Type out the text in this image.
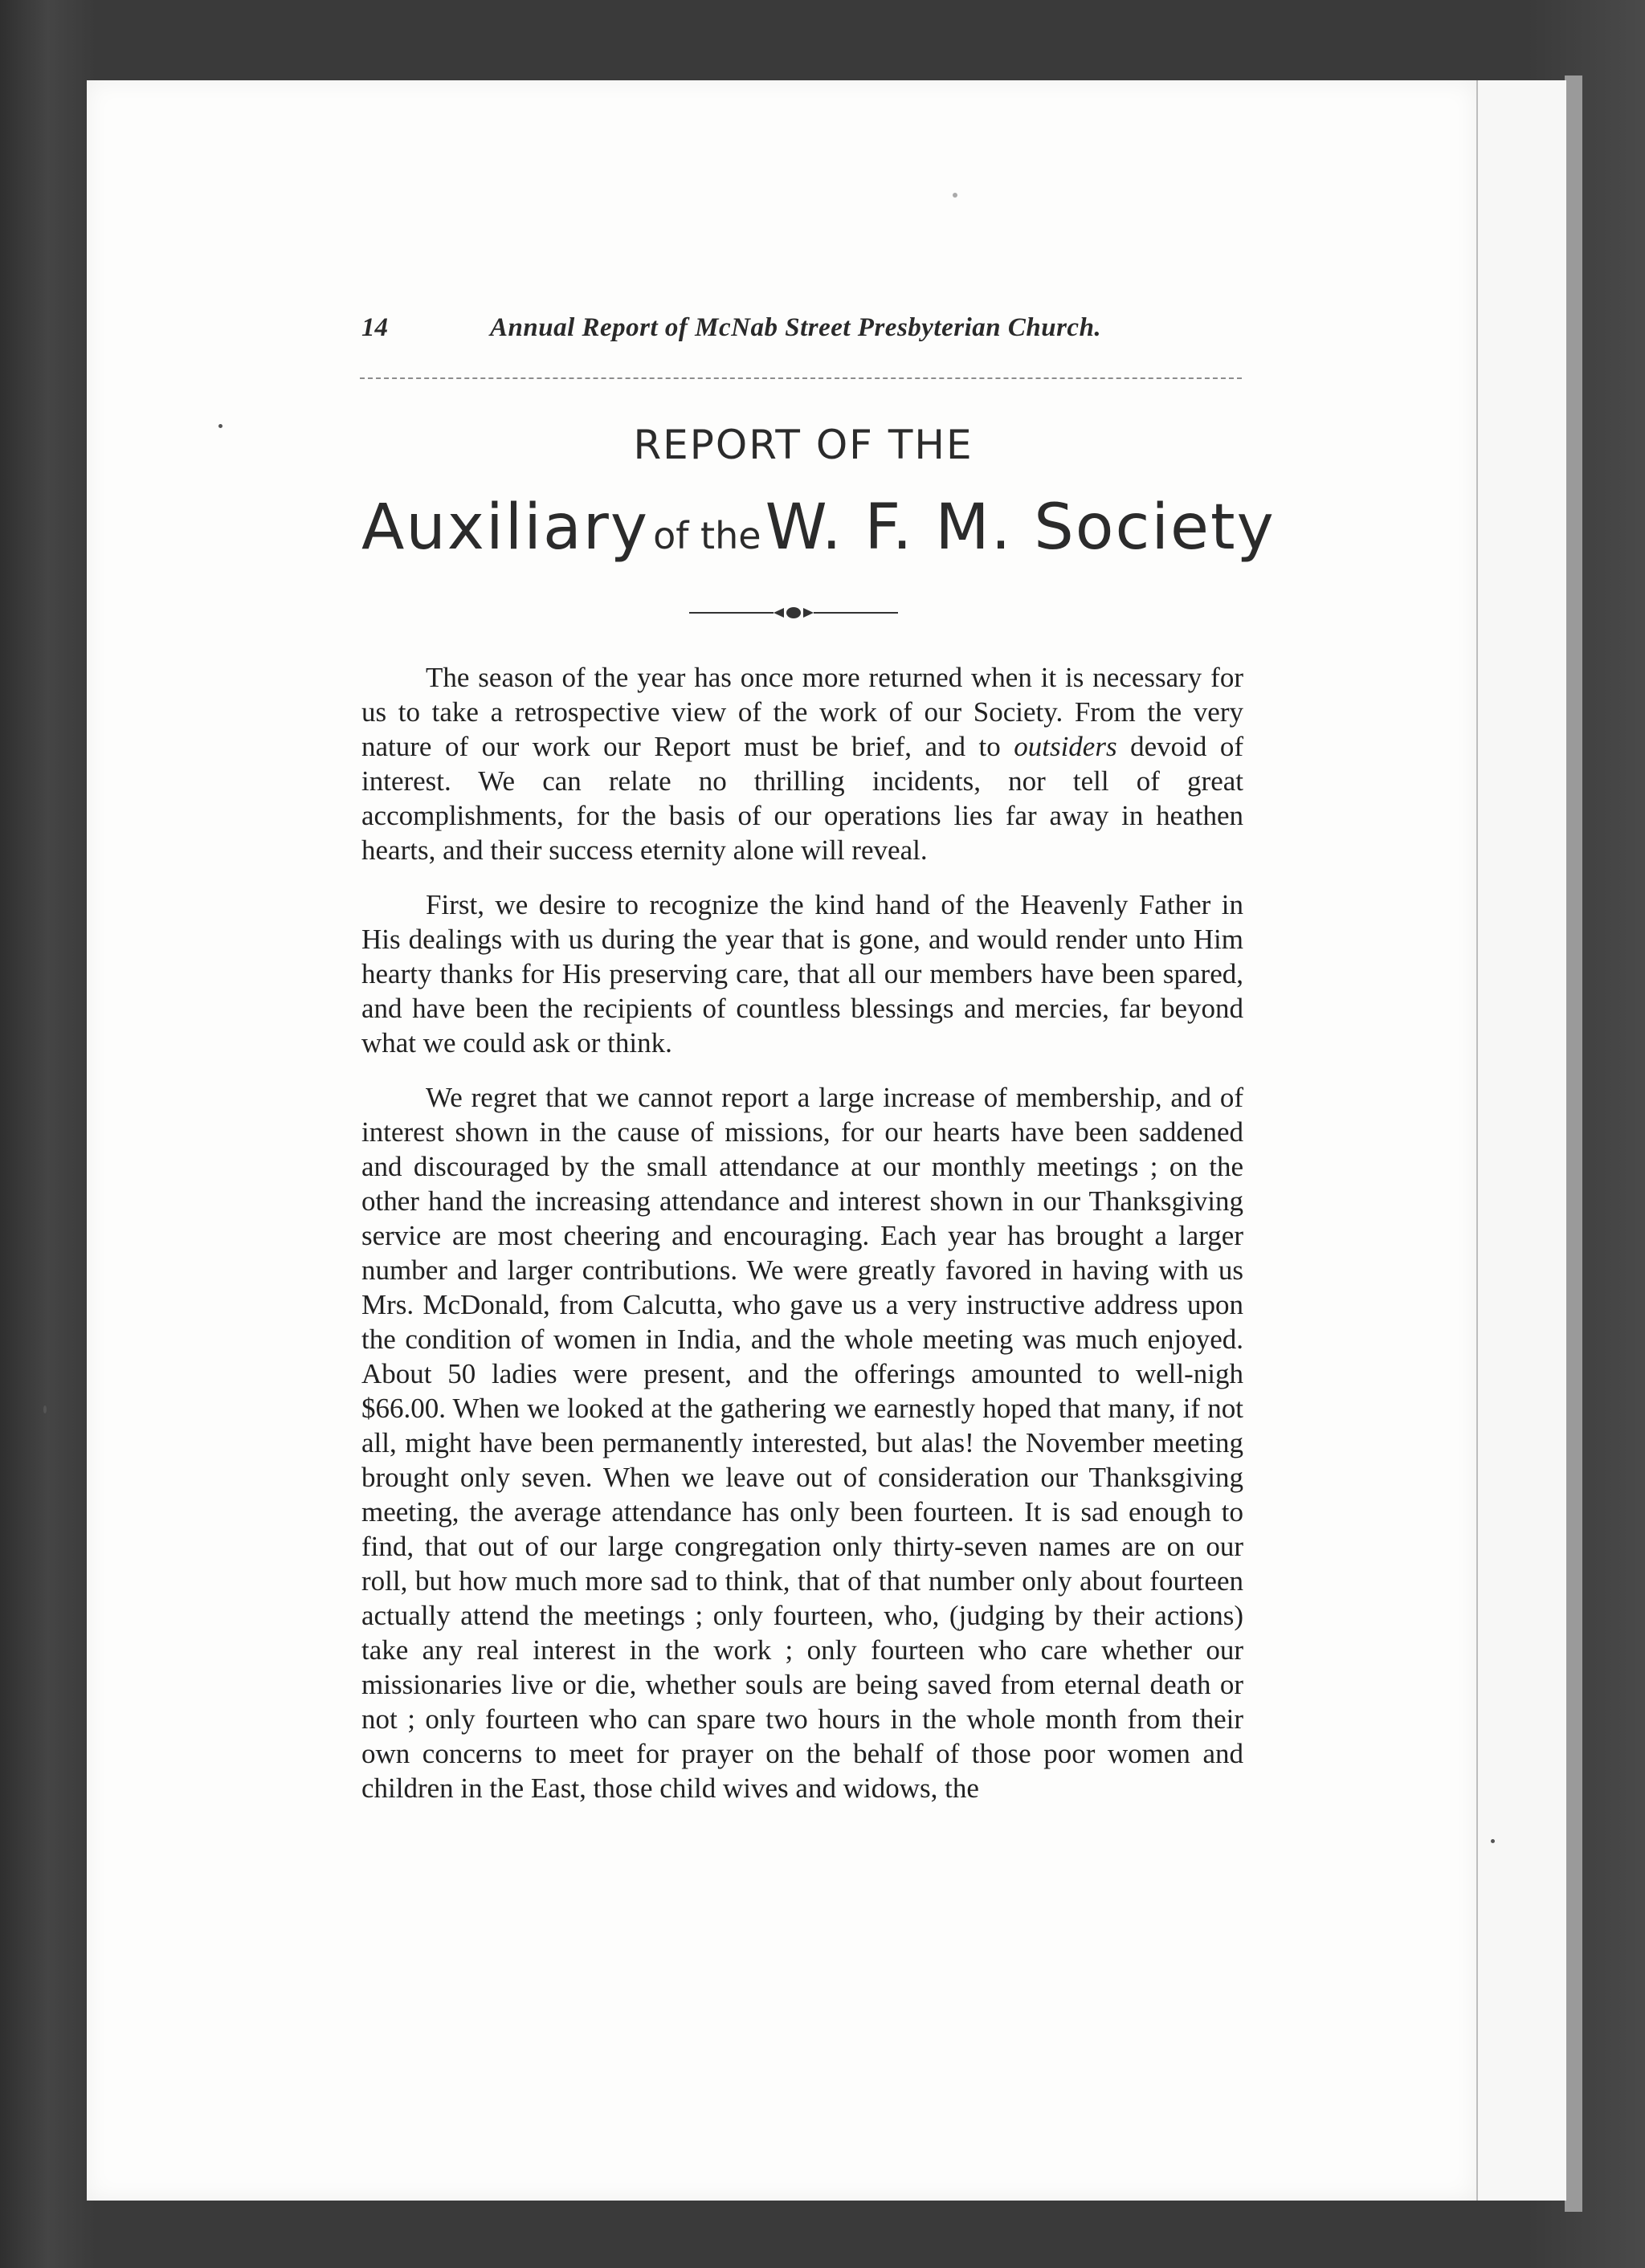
14	Annual Report of McNab Street Presbyterian Church.
REPORT OF THE
Auxiliary of the W. F. M. Society

The season of the year has once more returned when it is necessary for us to take a retrospective view of the work of our Society. From the very nature of our work our Report must be brief, and to outsiders devoid of interest. We can relate no thrilling incidents, nor tell of great accomplishments, for the basis of our operations lies far away in heathen hearts, and their success eternity alone will reveal.

First, we desire to recognize the kind hand of the Heavenly Father in His dealings with us during the year that is gone, and would render unto Him hearty thanks for His preserving care, that all our members have been spared, and have been the recipients of countless blessings and mercies, far beyond what we could ask or think.

We regret that we cannot report a large increase of membership, and of interest shown in the cause of missions, for our hearts have been saddened and discouraged by the small attendance at our monthly meetings ; on the other hand the increasing attendance and interest shown in our Thanksgiving service are most cheering and encouraging. Each year has brought a larger number and larger contributions. We were greatly favored in having with us Mrs. McDonald, from Calcutta, who gave us a very instructive address upon the condition of women in India, and the whole meeting was much enjoyed. About 50 ladies were present, and the offerings amounted to well-nigh $66.00. When we looked at the gathering we earnestly hoped that many, if not all, might have been permanently interested, but alas! the November meeting brought only seven. When we leave out of consideration our Thanksgiving meeting, the average attendance has only been fourteen. It is sad enough to find, that out of our large congregation only thirty-seven names are on our roll, but how much more sad to think, that of that number only about fourteen actually attend the meetings ; only fourteen, who, (judging by their actions) take any real interest in the work ; only fourteen who care whether our missionaries live or die, whether souls are being saved from eternal death or not ; only fourteen who can spare two hours in the whole month from their own concerns to meet for prayer on the behalf of those poor women and children in the East, those child wives and widows, the
